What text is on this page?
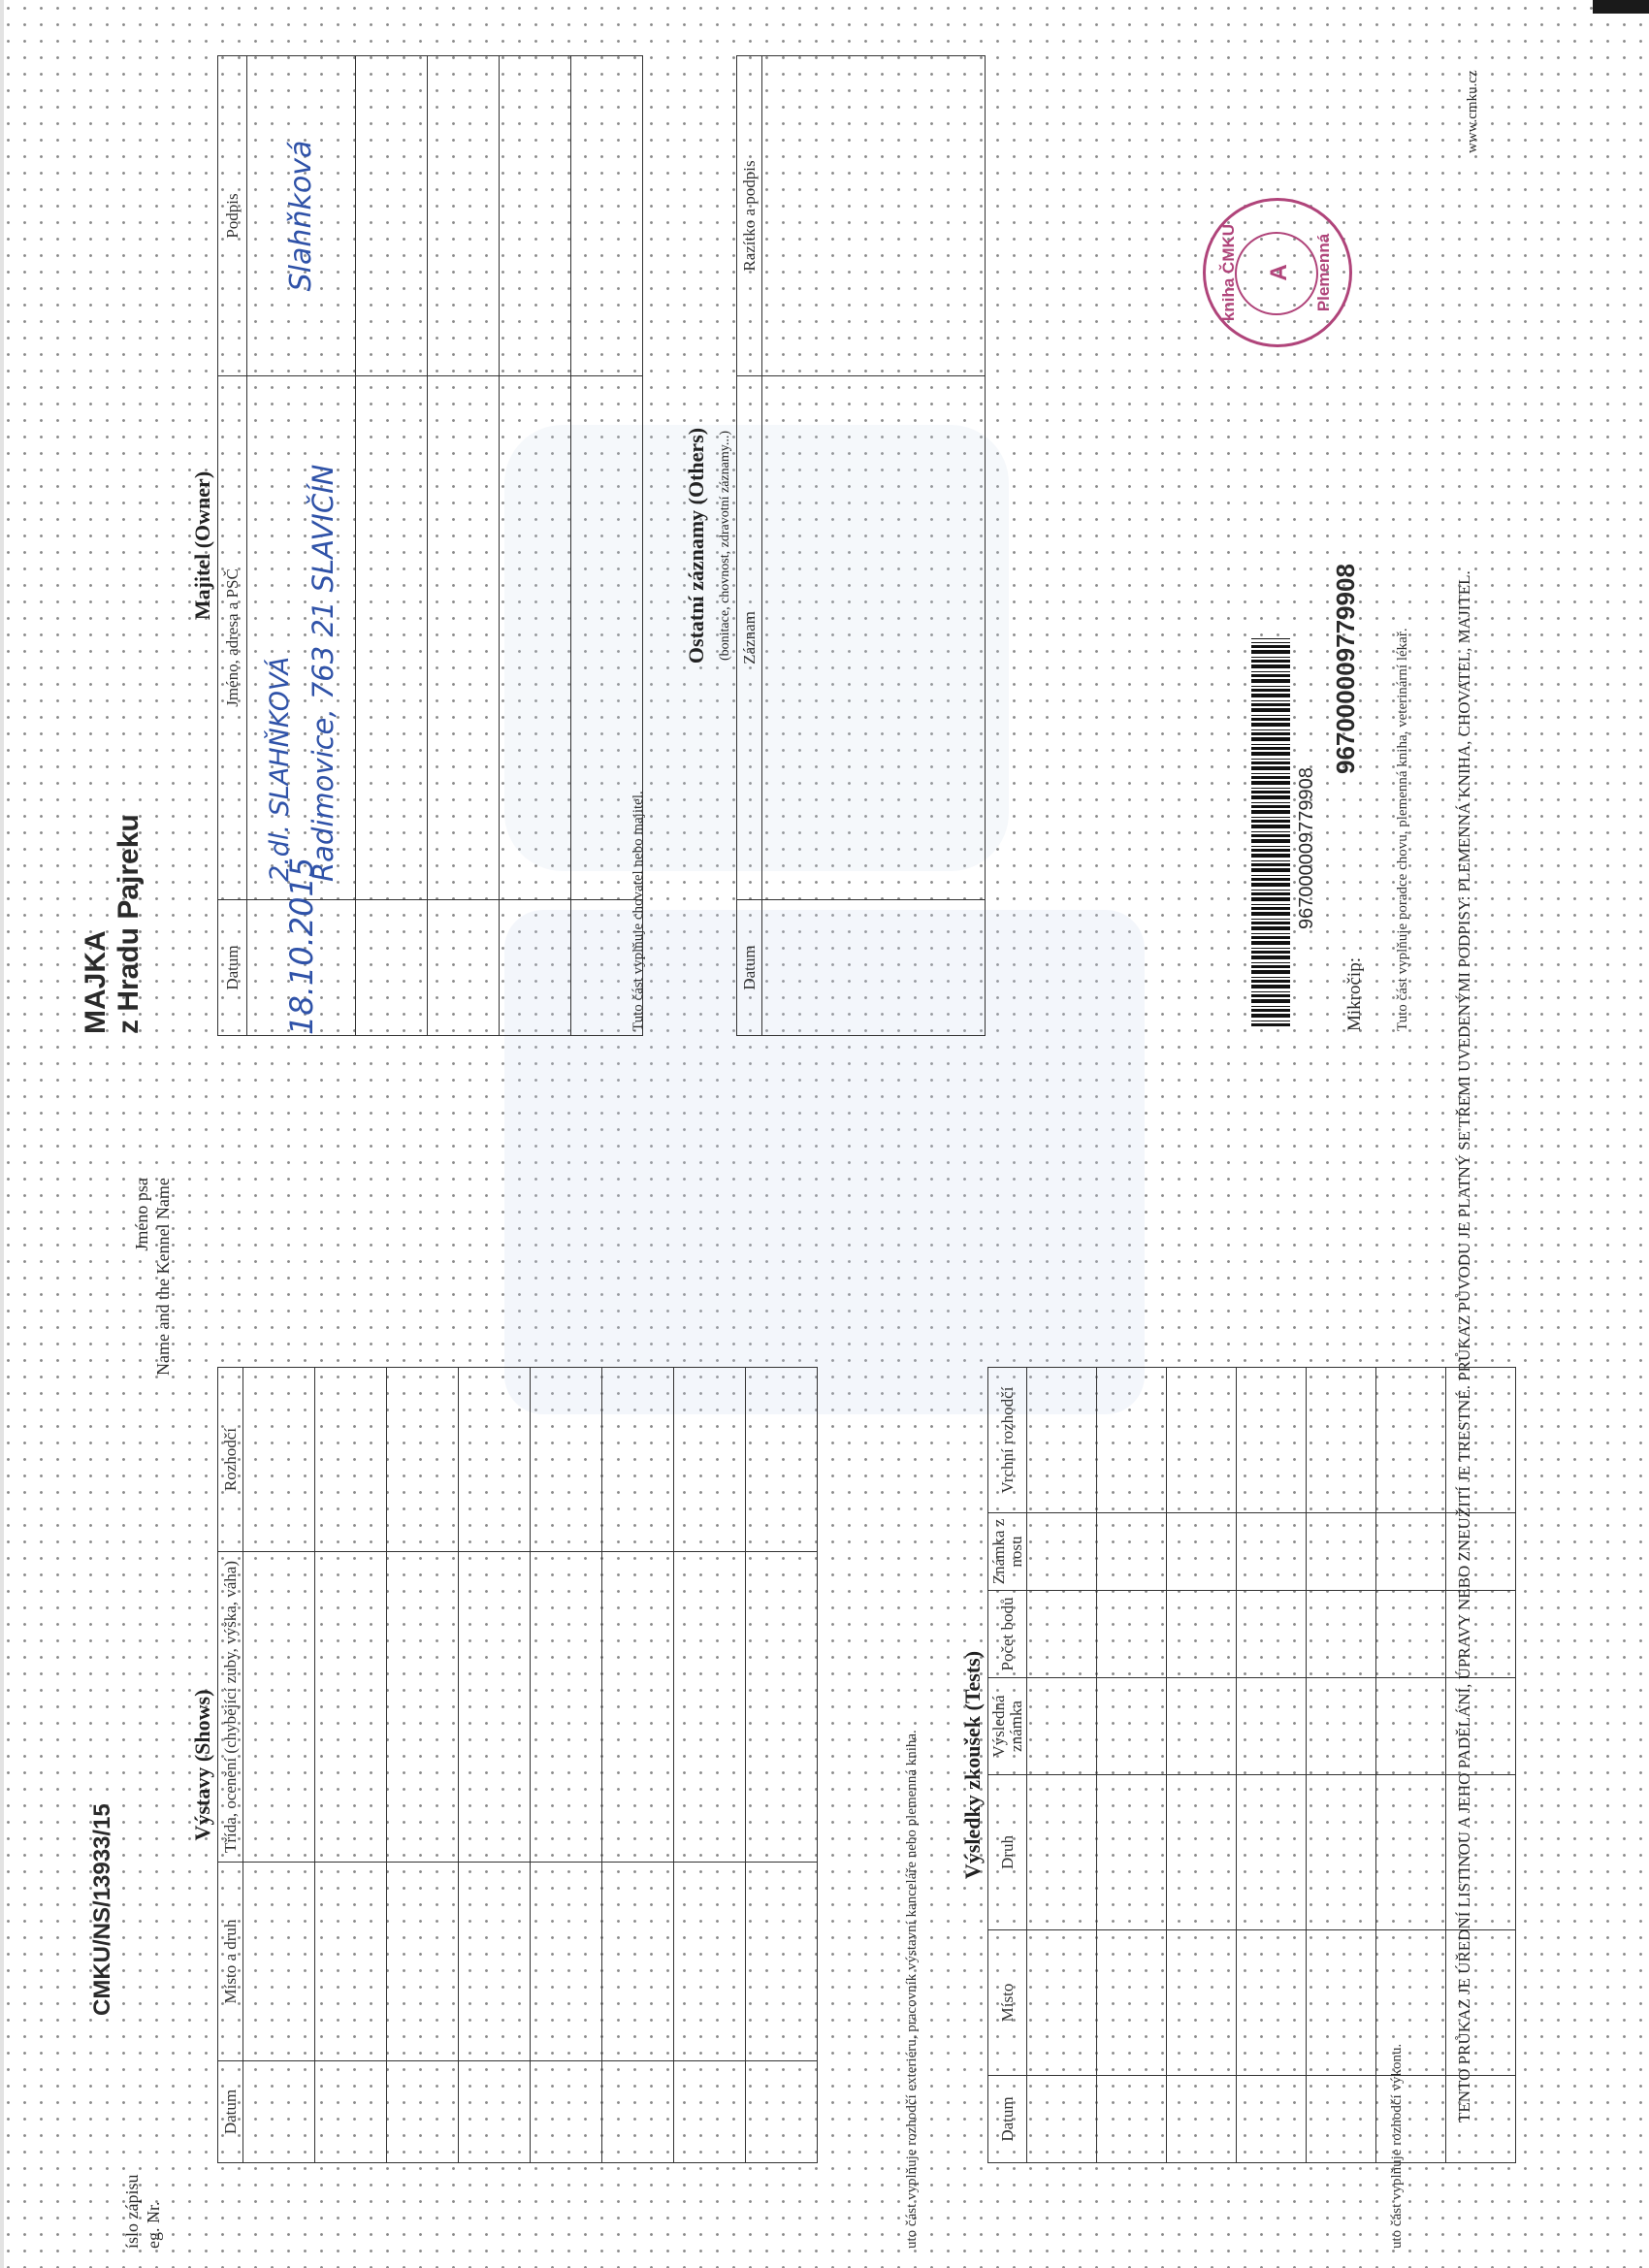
íslo zápisu eg. Nr.
CMKU/NS/13933/15
Jméno psa Name and the Kennel Name
MAJKA z Hradu Pajreku
Výstavy (Shows)
Datum	Místo a druh	Třída, ocenění (chybějící zuby, výška, váha)	Rozhodčí

uto část vyplňuje rozhodčí exteriéru, pracovník výstavní kanceláře nebo plemenná kniha. Výsledky zkoušek (Tests)
Datum	Místo	Druh	Výsledná známka	Počet bodů	Známka z nosu	Vrchní rozhodčí

uto část vyplňuje rozhodčí výkonu.
Majitel (Owner)
Datum	Jméno, adresa a PSČ	Podpis
18.10.2015	2.dl. SLAHŇKOVÁ Radimovice, 763 21 SLAVIČÍN	Slahňková

Tuto část vyplňuje chovatel nebo majitel.
Ostatní záznamy (Others) (bonitace, chovnost, zdravotní záznamy...)
Datum	Záznam	Razítko a podpis

kniha ČMKU A Plemenná
967000009779908
Mikročip:
967000009779908 Tuto část vyplňuje poradce chovu, plemenná kniha, veterinární lékař.	TENTO PRŮKAZ JE ÚŘEDNÍ LISTINOU A JEHO PADĚLÁNÍ, ÚPRAVY NEBO ZNEUŽITÍ JE TRESTNÉ. PRŮKAZ PŮVODU JE PLATNÝ SE TŘEMI UVEDENÝMI PODPISY: PLEMENNÁ KNIHA, CHOVATEL, MAJITEL.
www.cmku.cz
